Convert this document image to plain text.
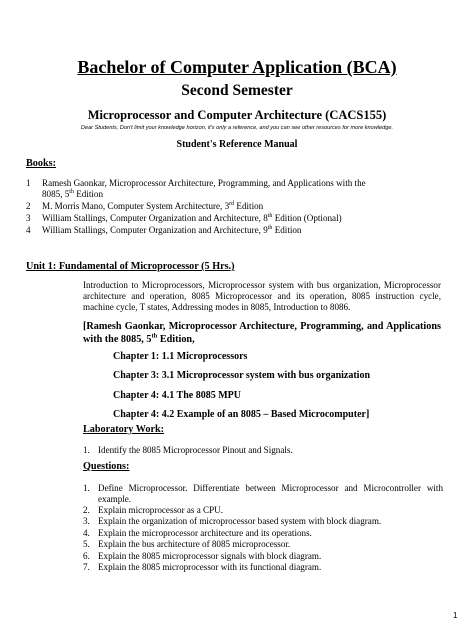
Bachelor of Computer Application (BCA)
Second Semester
Microprocessor and Computer Architecture (CACS155)
Dear Students, Don't limit your knowledge horizon, it's only a reference, and you can see other resources for more knowledge.
Student's Reference Manual
Books:
1 Ramesh Gaonkar, Microprocessor Architecture, Programming, and Applications with the
8085, 5th Edition
2 M. Morris Mano, Computer System Architecture, 3rd Edition
3 William Stallings, Computer Organization and Architecture, 8th Edition (Optional)
4 William Stallings, Computer Organization and Architecture, 9th Edition
Unit 1: Fundamental of Microprocessor (5 Hrs.)
Introduction to Microprocessors, Microprocessor system with bus organization, Microprocessor architecture and operation, 8085 Microprocessor and its operation, 8085 instruction cycle, machine cycle, T states, Addressing modes in 8085, Introduction to 8086.
[Ramesh Gaonkar, Microprocessor Architecture, Programming, and Applications with the 8085, 5th Edition,
Chapter 1: 1.1 Microprocessors
Chapter 3: 3.1 Microprocessor system with bus organization
Chapter 4: 4.1 The 8085 MPU
Chapter 4: 4.2 Example of an 8085 – Based Microcomputer]
Laboratory Work:
1. Identify the 8085 Microprocessor Pinout and Signals.
Questions:
1. Define Microprocessor. Differentiate between Microprocessor and Microcontroller with example.
2. Explain microprocessor as a CPU.
3. Explain the organization of microprocessor based system with block diagram.
4. Explain the microprocessor architecture and its operations.
5. Explain the bus architecture of 8085 microprocessor.
6. Explain the 8085 microprocessor signals with block diagram.
7. Explain the 8085 microprocessor with its functional diagram.
1
